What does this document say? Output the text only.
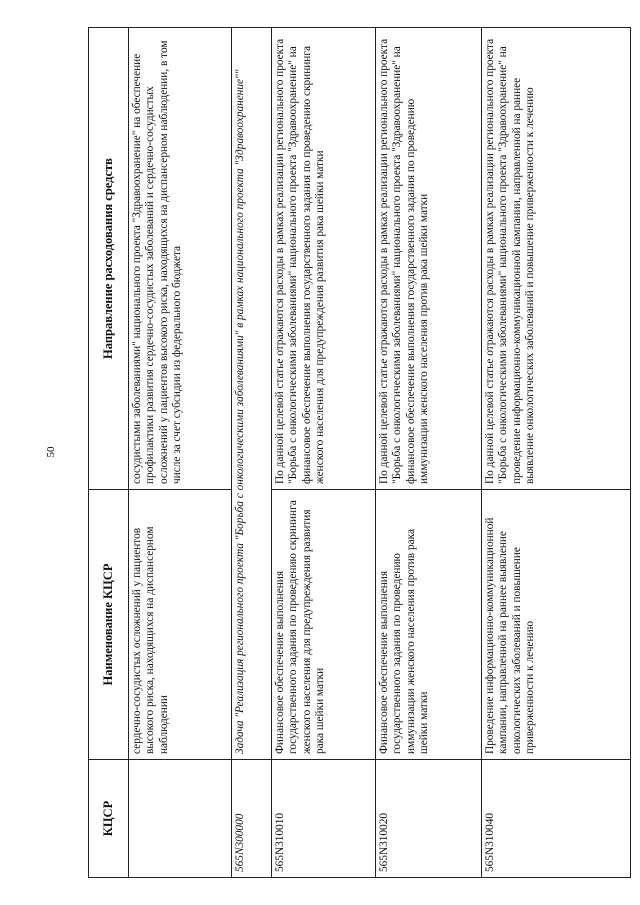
50
КЦСР	Наименование КЦСР	Направление расходования средств
	сердечно-сосудистых осложнений у пациентов высокого риска, находящихся на диспансерном наблюдении	сосудистыми заболеваниями" национального проекта "Здравоохранение" на обеспечение профилактики развития сердечно-сосудистых заболеваний и сердечно-сосудистых осложнений у пациентов высокого риска, находящихся на диспансерном наблюдении, в том числе за счет субсидии из федерального бюджета
565N300000	Задача "Реализация регионального проекта "Борьба с онкологическими заболеваниями" в рамках национального проекта "Здравоохранение""	
565N310010	Финансовое обеспечение выполнения государственного задания по проведению скрининга женского населения для предупреждения развития рака шейки матки	По данной целевой статье отражаются расходы в рамках реализации регионального проекта "Борьба с онкологическими заболеваниями" национального проекта "Здравоохранение" на финансовое обеспечение выполнения государственного задания по проведению скрининга женского населения для предупреждения развития рака шейки матки
565N310020	Финансовое обеспечение выполнения государственного задания по проведению иммунизации женского населения против рака шейки матки	По данной целевой статье отражаются расходы в рамках реализации регионального проекта "Борьба с онкологическими заболеваниями" национального проекта "Здравоохранение" на финансовое обеспечение выполнения государственного задания по проведению иммунизации женского населения против рака шейки матки
565N310040	Проведение информационно-коммуникационной кампании, направленной на раннее выявление онкологических заболеваний и повышение приверженности к лечению	По данной целевой статье отражаются расходы в рамках реализации регионального проекта "Борьба с онкологическими заболеваниями" национального проекта "Здравоохранение" на проведение информационно-коммуникационной кампании, направленной на раннее выявление онкологических заболеваний и повышение приверженности к лечению
